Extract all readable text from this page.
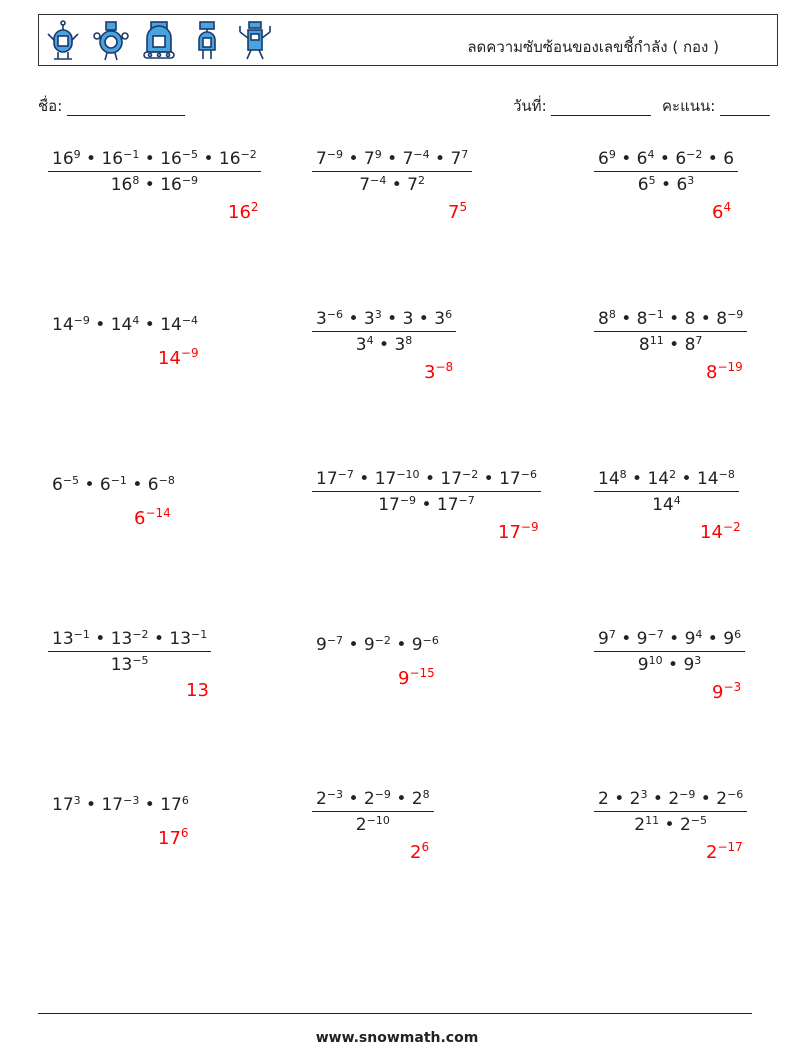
ลดความซับซ้อนของเลขชี้กำลัง ( กอง )
ชื่อ:	วันที่:	คะแนน:
$\frac{16^9 • 16^{-1} • 16^{-5} • 16^{-2}}{16^8 • 16^{-9}}$
$16^2$
$\frac{7^{-9} • 7^9 • 7^{-4} • 7^7}{7^{-4} • 7^2}$
$7^5$
$\frac{6^9 • 6^4 • 6^{-2} • 6}{6^5 • 6^3}$
$6^4$
$14^{-9}$ • $14^4$ • $14^{-4}$
$14^{-9}$	$\frac{3^{-6} • 3^3 • 3 • 3^6}{3^4 • 3^8}$
$3^{-8}$
$\frac{8^8 • 8^{-1} • 8 • 8^{-9}}{8^{11} • 8^7}$
$8^{-19}$
$6^{-5}$ • $6^{-1}$ • $6^{-8}$
$6^{-14}$	$\frac{17^{-7} • 17^{-10} • 17^{-2} • 17^{-6}}{17^{-9} • 17^{-7}}$
$17^{-9}$
$\frac{14^8 • 14^2 • 14^{-8}}{14^4}$
$14^{-2}$
$\frac{13^{-1} • 13^{-2} • 13^{-1}}{13^{-5}}$
13
$9^{-7}$ • $9^{-2}$ • $9^{-6}$
$9^{-15}$	$\frac{9^7 • 9^{-7} • 9^4 • 9^6}{9^{10} • 9^3}$
$9^{-3}$
$17^3$ • $17^{-3}$ • $17^6$
$17^6$	$\frac{2^{-3} • 2^{-9} • 2^8}{2^{-10}}$
$2^6$
$\frac{2 • 2^3 • 2^{-9} • 2^{-6}}{2^{11} • 2^{-5}}$
$2^{-17}$
www.snowmath.com
